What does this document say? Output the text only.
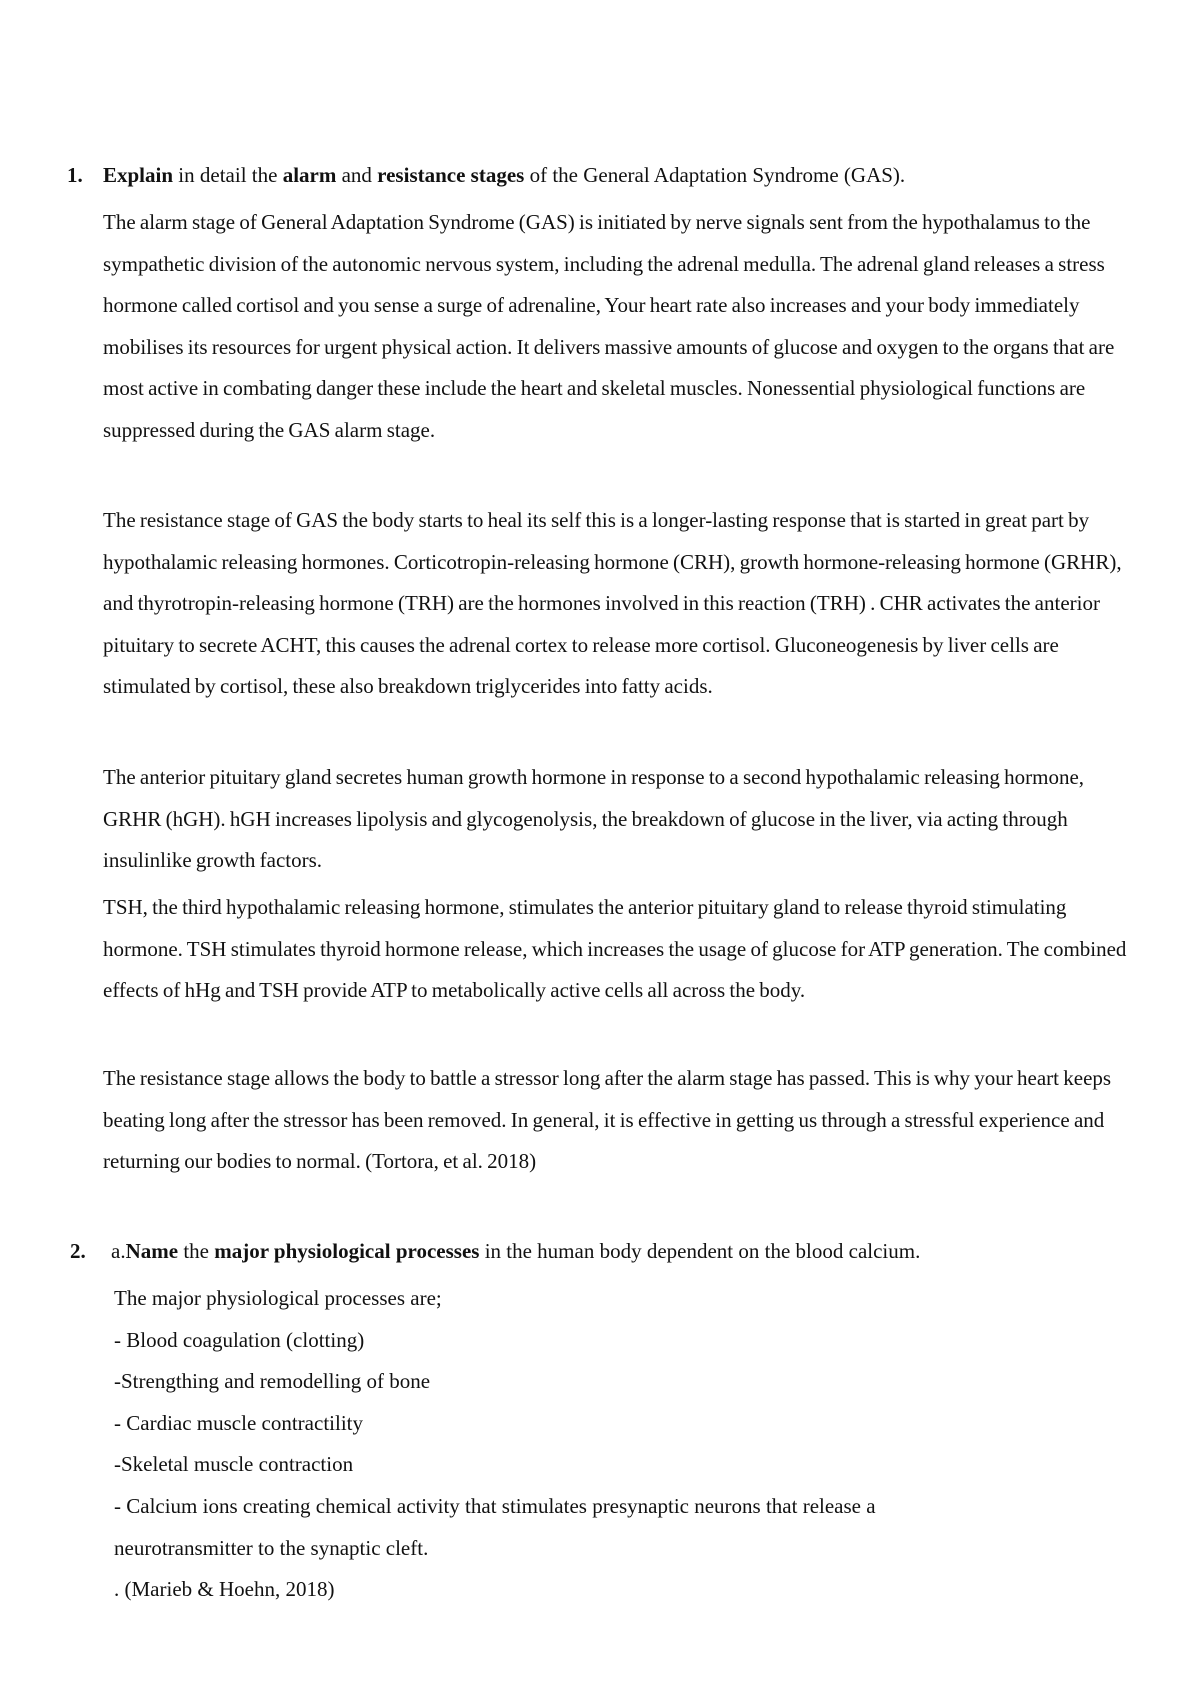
1. Explain in detail the alarm and resistance stages of the General Adaptation Syndrome (GAS).

The alarm stage of General Adaptation Syndrome (GAS) is initiated by nerve signals sent from the hypothalamus to the sympathetic division of the autonomic nervous system, including the adrenal medulla. The adrenal gland releases a stress hormone called cortisol and you sense a surge of adrenaline, Your heart rate also increases and your body immediately mobilises its resources for urgent physical action. It delivers massive amounts of glucose and oxygen to the organs that are most active in combating danger these include the heart and skeletal muscles. Nonessential physiological functions are suppressed during the GAS alarm stage.

The resistance stage of GAS the body starts to heal its self this is a longer-lasting response that is started in great part by hypothalamic releasing hormones. Corticotropin-releasing hormone (CRH), growth hormone-releasing hormone (GRHR), and thyrotropin-releasing hormone (TRH) are the hormones involved in this reaction (TRH) . CHR activates the anterior pituitary to secrete ACHT, this causes the adrenal cortex to release more cortisol. Gluconeogenesis by liver cells are stimulated by cortisol, these also breakdown triglycerides into fatty acids.

The anterior pituitary gland secretes human growth hormone in response to a second hypothalamic releasing hormone, GRHR (hGH). hGH increases lipolysis and glycogenolysis, the breakdown of glucose in the liver, via acting through insulinlike growth factors.

TSH, the third hypothalamic releasing hormone, stimulates the anterior pituitary gland to release thyroid stimulating hormone. TSH stimulates thyroid hormone release, which increases the usage of glucose for ATP generation. The combined effects of hHg and TSH provide ATP to metabolically active cells all across the body.

The resistance stage allows the body to battle a stressor long after the alarm stage has passed. This is why your heart keeps beating long after the stressor has been removed. In general, it is effective in getting us through a stressful experience and returning our bodies to normal. (Tortora, et al. 2018)

2. a.Name the major physiological processes in the human body dependent on the blood calcium.
The major physiological processes are;
- Blood coagulation (clotting)
-Strengthing and remodelling of bone
- Cardiac muscle contractility
-Skeletal muscle contraction
- Calcium ions creating chemical activity that stimulates presynaptic neurons that release a
neurotransmitter to the synaptic cleft.
. (Marieb & Hoehn, 2018)
